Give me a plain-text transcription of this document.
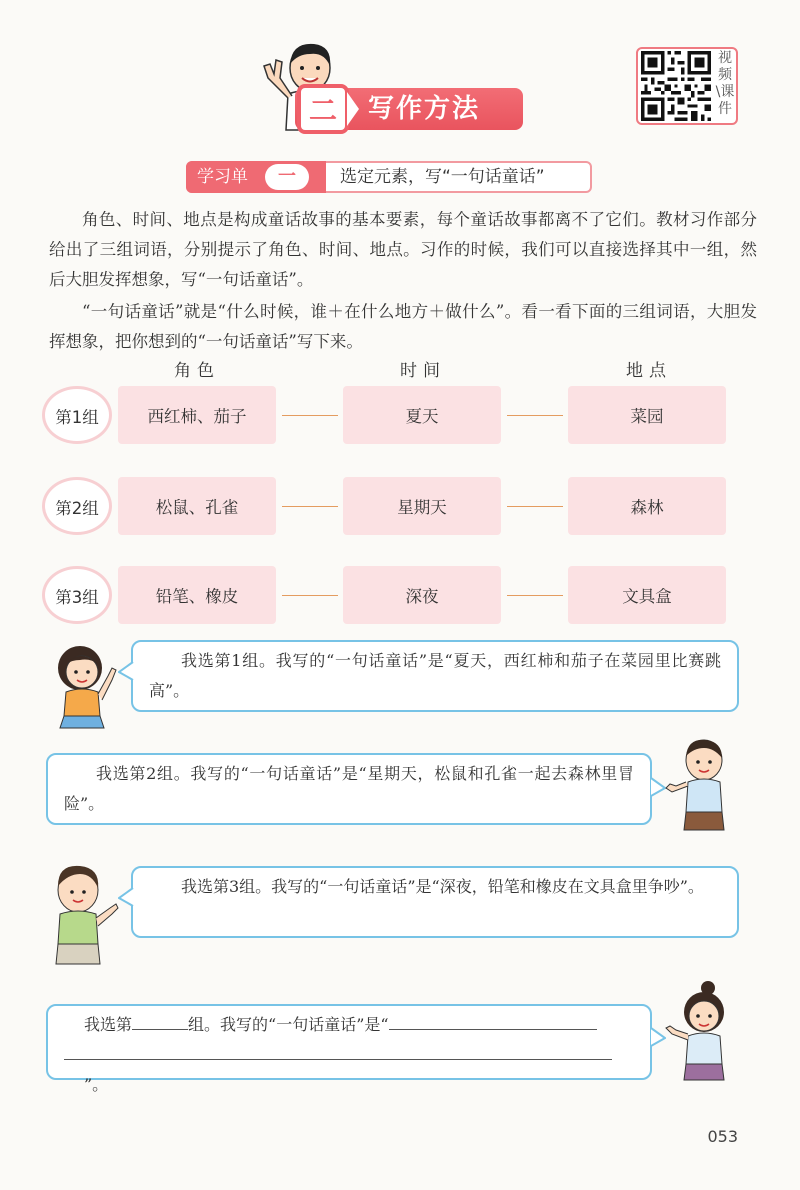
二	写作方法
视频\课件
学习单	一	选定元素，写“一句话童话”

角色、时间、地点是构成童话故事的基本要素，每个童话故事都离不了它们。教材习作部分给出了三组词语，分别提示了角色、时间、地点。习作的时候，我们可以直接选择其中一组，然后大胆发挥想象，写“一句话童话”。

“一句话童话”就是“什么时候，谁＋在什么地方＋做什么”。看一看下面的三组词语，大胆发挥想象，把你想到的“一句话童话”写下来。

角色	时间	地点
第1组	西红柿、茄子	夏天	菜园
第2组	松鼠、孔雀	星期天	森林
第3组	铅笔、橡皮	深夜	文具盒
我选第1组。我写的“一句话童话”是“夏天，西红柿和茄子在菜园里比赛跳高”。
我选第2组。我写的“一句话童话”是“星期天，松鼠和孔雀一起去森林里冒险”。
我选第3组。我写的“一句话童话”是“深夜，铅笔和橡皮在文具盒里争吵”。
我选第	组。我写的“一句话童话”是“
”。
053
